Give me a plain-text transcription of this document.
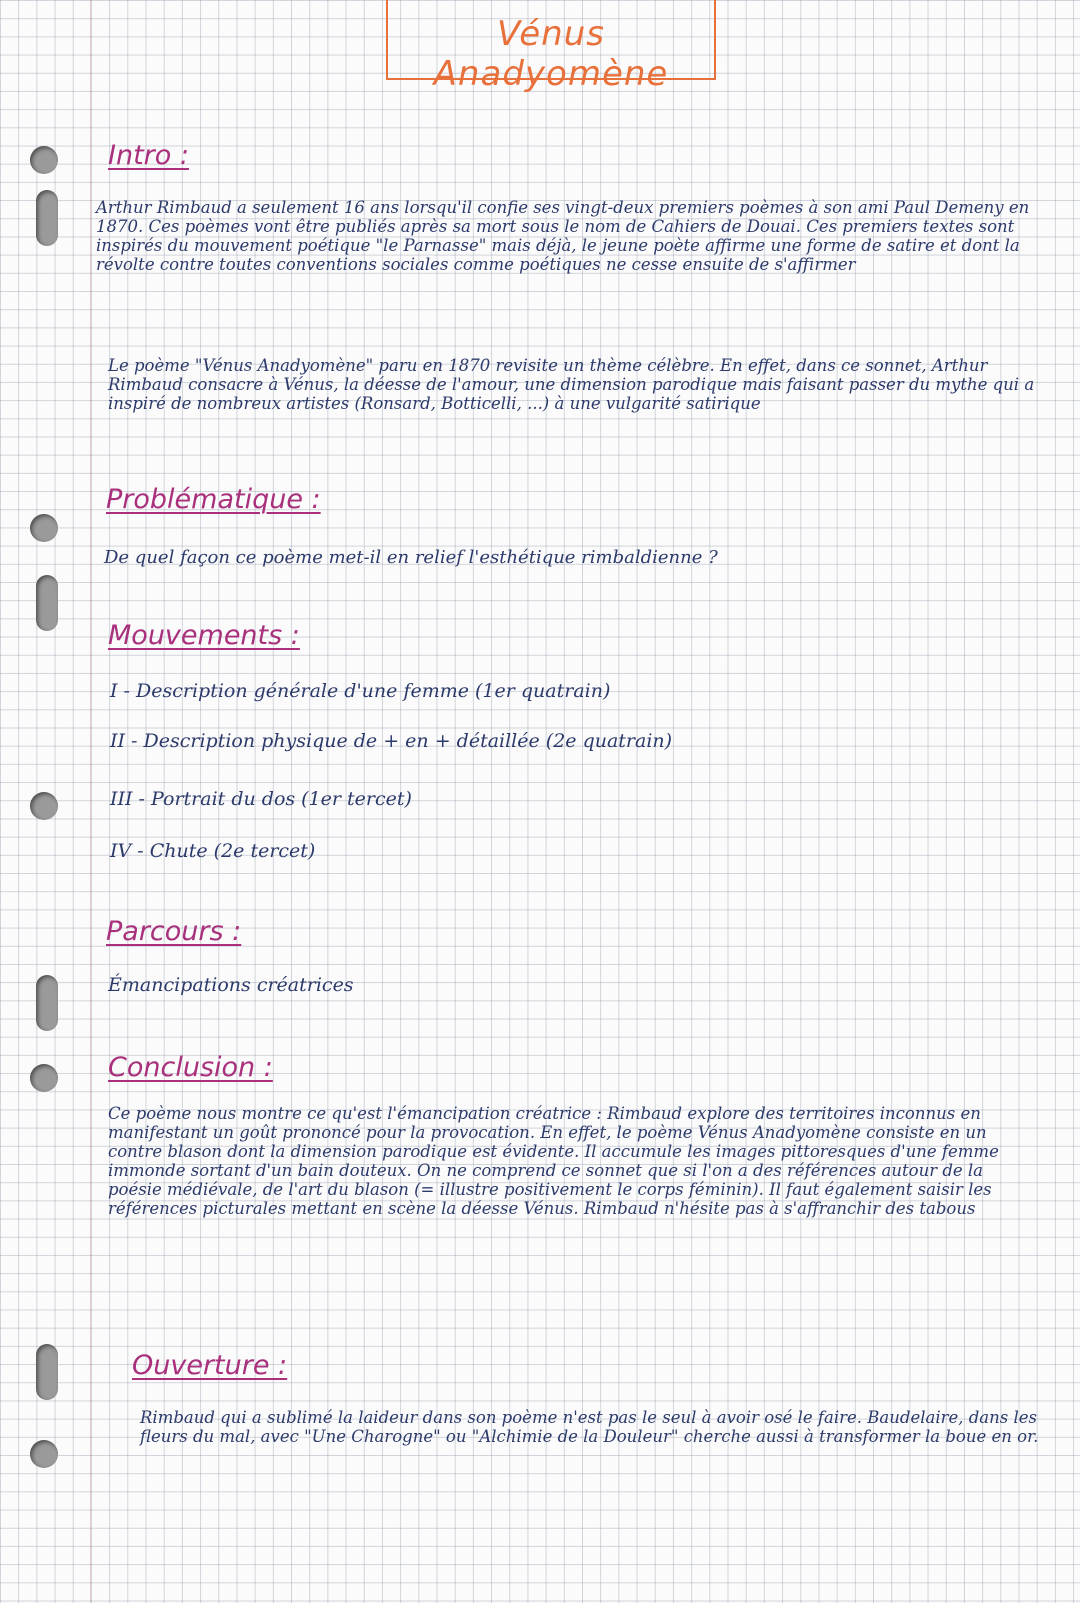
Vénus Anadyomène
Intro :

Arthur Rimbaud a seulement 16 ans lorsqu'il confie ses vingt-deux premiers poèmes à son ami Paul Demeny en 1870. Ces poèmes vont être publiés après sa mort sous le nom de Cahiers de Douai. Ces premiers textes sont inspirés du mouvement poétique "le Parnasse" mais déjà, le jeune poète affirme une forme de satire et dont la révolte contre toutes conventions sociales comme poétiques ne cesse ensuite de s'affirmer

Le poème "Vénus Anadyomène" paru en 1870 revisite un thème célèbre. En effet, dans ce sonnet, Arthur Rimbaud consacre à Vénus, la déesse de l'amour, une dimension parodique mais faisant passer du mythe qui a inspiré de nombreux artistes (Ronsard, Botticelli, ...) à une vulgarité satirique

Problématique :

De quel façon ce poème met-il en relief l'esthétique rimbaldienne ?

Mouvements :
I - Description générale d'une femme (1er quatrain)
II - Description physique de + en + détaillée (2e quatrain)
III - Portrait du dos (1er tercet)
IV - Chute (2e tercet)
Parcours :

Émancipations créatrices

Conclusion :

Ce poème nous montre ce qu'est l'émancipation créatrice : Rimbaud explore des territoires inconnus en manifestant un goût prononcé pour la provocation. En effet, le poème Vénus Anadyomène consiste en un contre blason dont la dimension parodique est évidente. Il accumule les images pittoresques d'une femme immonde sortant d'un bain douteux. On ne comprend ce sonnet que si l'on a des références autour de la poésie médiévale, de l'art du blason (= illustre positivement le corps féminin). Il faut également saisir les références picturales mettant en scène la déesse Vénus. Rimbaud n'hésite pas à s'affranchir des tabous

Ouverture :

Rimbaud qui a sublimé la laideur dans son poème n'est pas le seul à avoir osé le faire. Baudelaire, dans les fleurs du mal, avec "Une Charogne" ou "Alchimie de la Douleur" cherche aussi à transformer la boue en or.
